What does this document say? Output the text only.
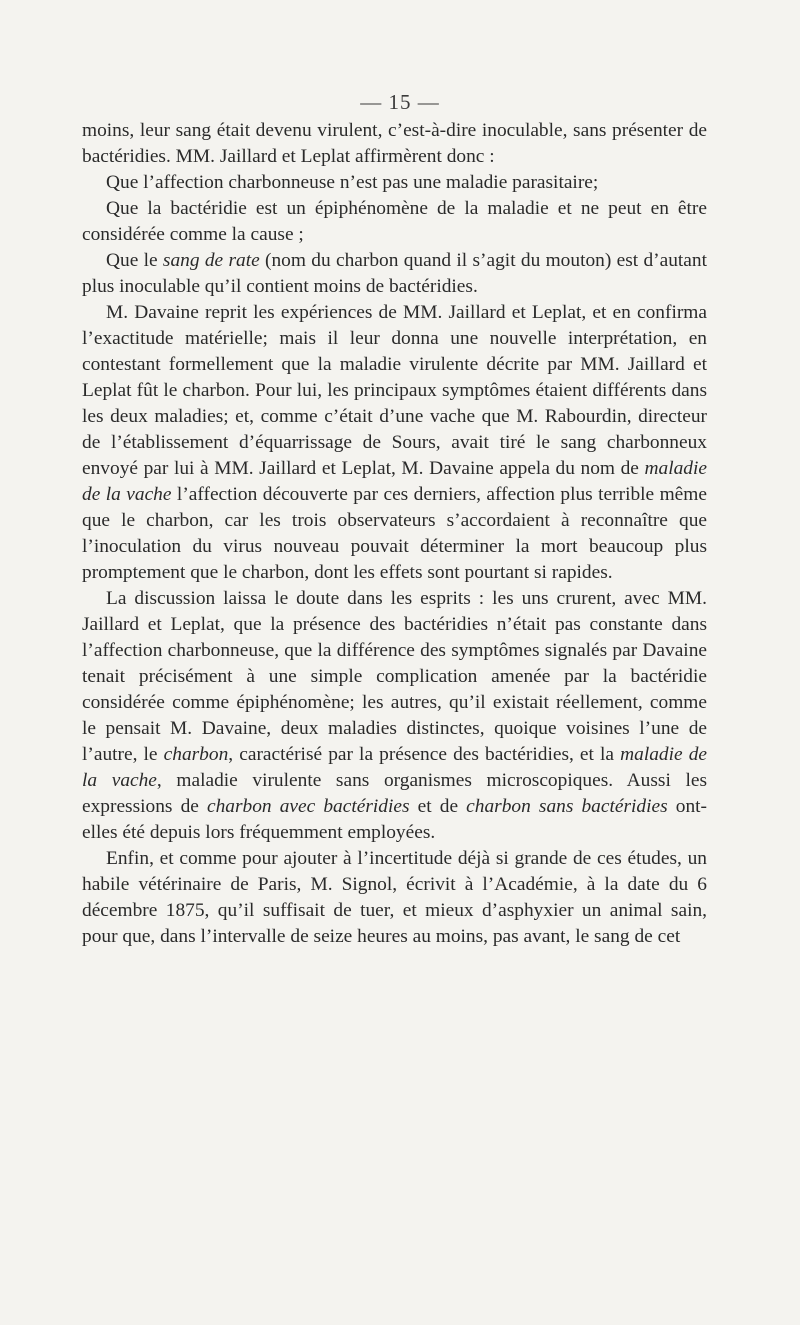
— 15 —

moins, leur sang était devenu virulent, c’est-à-dire inoculable, sans présenter de bactéridies. MM. Jaillard et Leplat affirmèrent donc :

Que l’affection charbonneuse n’est pas une maladie parasitaire;

Que la bactéridie est un épiphénomène de la maladie et ne peut en être considérée comme la cause ;

Que le sang de rate (nom du charbon quand il s’agit du mouton) est d’autant plus inoculable qu’il contient moins de bactéridies.

M. Davaine reprit les expériences de MM. Jaillard et Leplat, et en confirma l’exactitude matérielle; mais il leur donna une nouvelle interprétation, en contestant formellement que la maladie virulente décrite par MM. Jaillard et Leplat fût le charbon. Pour lui, les principaux symptômes étaient différents dans les deux maladies; et, comme c’était d’une vache que M. Rabourdin, directeur de l’établissement d’équarrissage de Sours, avait tiré le sang charbonneux envoyé par lui à MM. Jaillard et Leplat, M. Davaine appela du nom de maladie de la vache l’affection découverte par ces derniers, affection plus terrible même que le charbon, car les trois observateurs s’accordaient à reconnaître que l’inoculation du virus nouveau pouvait déterminer la mort beaucoup plus promptement que le charbon, dont les effets sont pourtant si rapides.

La discussion laissa le doute dans les esprits : les uns crurent, avec MM. Jaillard et Leplat, que la présence des bactéridies n’était pas constante dans l’affection charbonneuse, que la différence des symptômes signalés par Davaine tenait précisément à une simple complication amenée par la bactéridie considérée comme épiphénomène; les autres, qu’il existait réellement, comme le pensait M. Davaine, deux maladies distinctes, quoique voisines l’une de l’autre, le charbon, caractérisé par la présence des bactéridies, et la maladie de la vache, maladie virulente sans organismes microscopiques. Aussi les expressions de charbon avec bactéridies et de charbon sans bactéridies ont-elles été depuis lors fréquemment employées.

Enfin, et comme pour ajouter à l’incertitude déjà si grande de ces études, un habile vétérinaire de Paris, M. Signol, écrivit à l’Académie, à la date du 6 décembre 1875, qu’il suffisait de tuer, et mieux d’asphyxier un animal sain, pour que, dans l’intervalle de seize heures au moins, pas avant, le sang de cet
